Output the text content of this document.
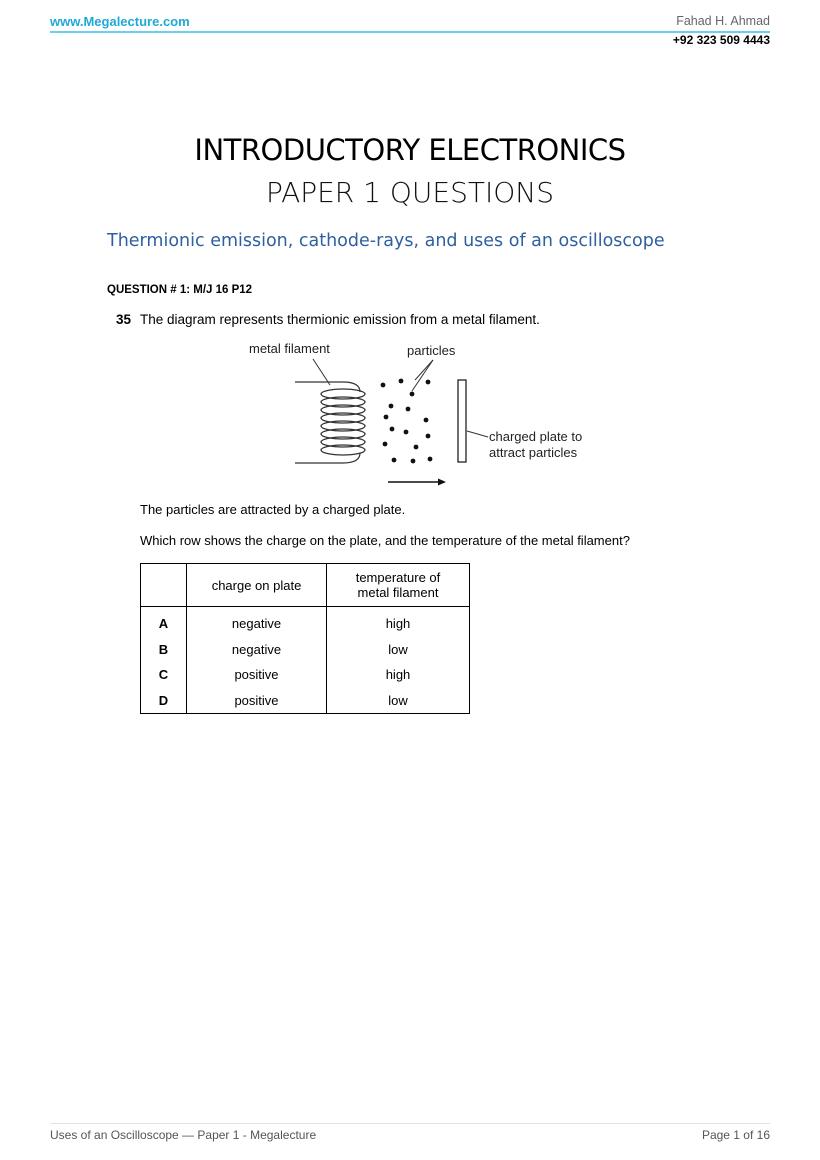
www.Megalecture.com	Fahad H. Ahmad
+92 323 509 4443
INTRODUCTORY ELECTRONICS
PAPER 1 QUESTIONS
Thermionic emission, cathode-rays, and uses of an oscilloscope
QUESTION # 1: M/J 16 P12
35 The diagram represents thermionic emission from a metal filament.
metal filament	particles
charged plate to
attract particles
The particles are attracted by a charged plate.
Which row shows the charge on the plate, and the temperature of the metal filament?
	charge on plate	temperature of
metal filament

A	negative	high
B	negative	low
C	positive	high
D	positive	low
Uses of an Oscilloscope — Paper 1 - Megalecture	Page 1 of 16
